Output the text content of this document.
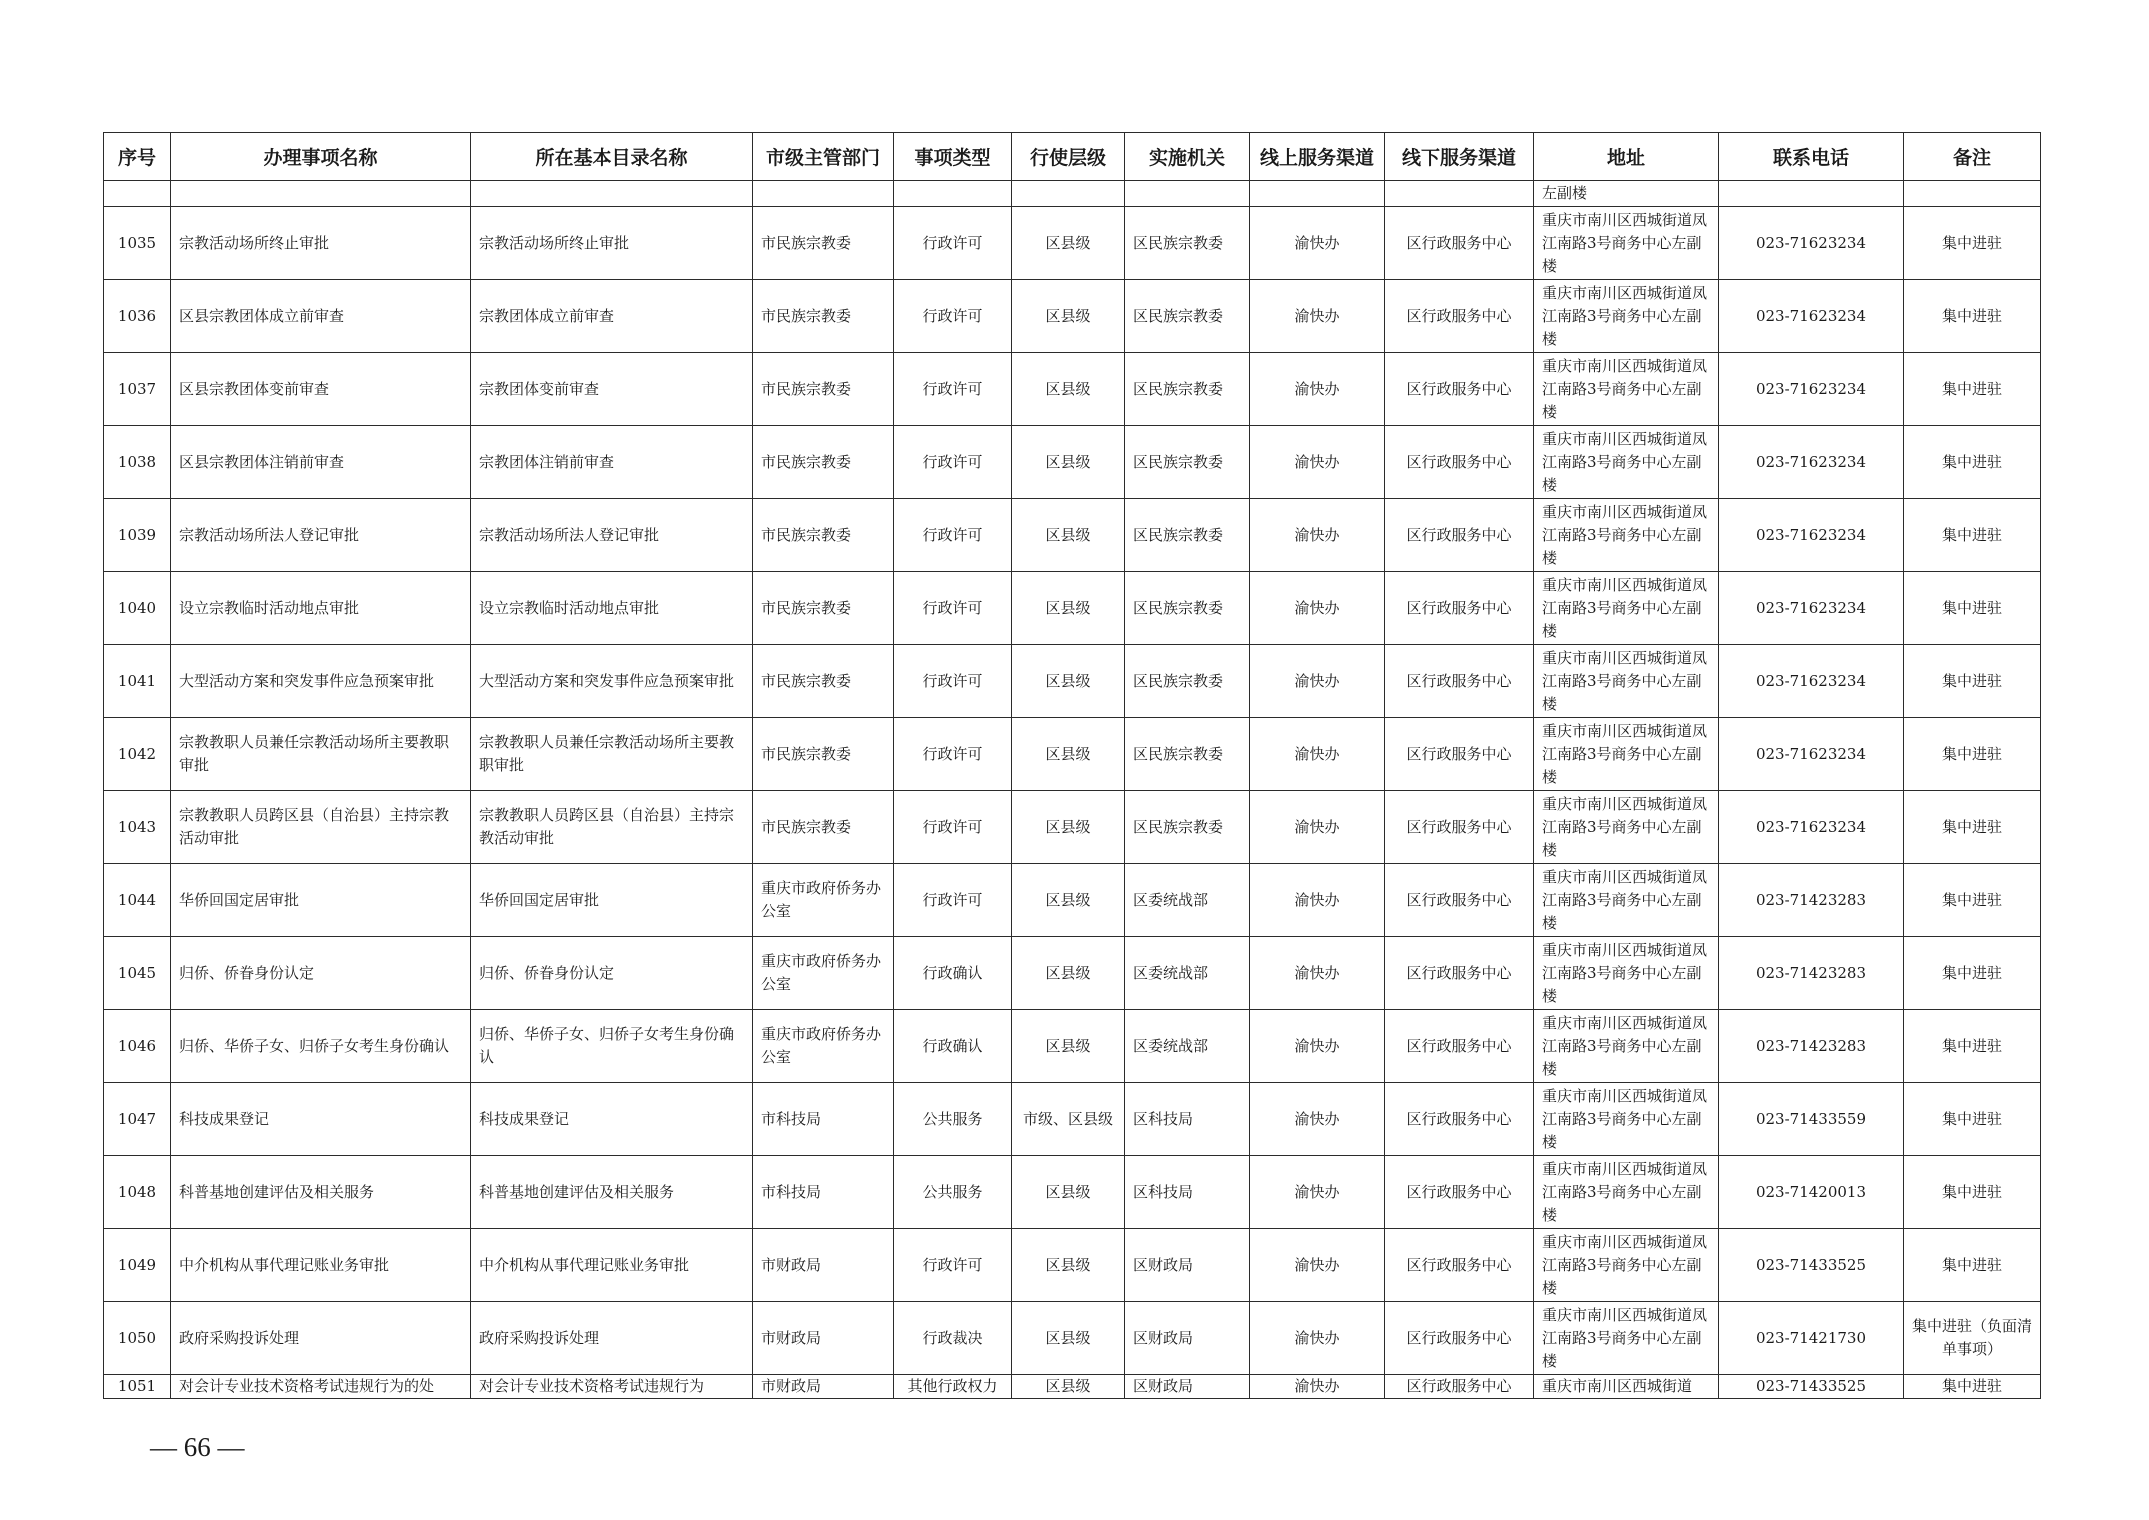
序号	办理事项名称	所在基本目录名称	市级主管部门	事项类型	行使层级	实施机关	线上服务渠道	线下服务渠道	地址	联系电话	备注
									左副楼		
1035	宗教活动场所终止审批	宗教活动场所终止审批	市民族宗教委	行政许可	区县级	区民族宗教委	渝快办	区行政服务中心	重庆市南川区西城街道凤江南路3号商务中心左副楼	023-71623234	集中进驻
1036	区县宗教团体成立前审查	宗教团体成立前审查	市民族宗教委	行政许可	区县级	区民族宗教委	渝快办	区行政服务中心	重庆市南川区西城街道凤江南路3号商务中心左副楼	023-71623234	集中进驻
1037	区县宗教团体变前审查	宗教团体变前审查	市民族宗教委	行政许可	区县级	区民族宗教委	渝快办	区行政服务中心	重庆市南川区西城街道凤江南路3号商务中心左副楼	023-71623234	集中进驻
1038	区县宗教团体注销前审查	宗教团体注销前审查	市民族宗教委	行政许可	区县级	区民族宗教委	渝快办	区行政服务中心	重庆市南川区西城街道凤江南路3号商务中心左副楼	023-71623234	集中进驻
1039	宗教活动场所法人登记审批	宗教活动场所法人登记审批	市民族宗教委	行政许可	区县级	区民族宗教委	渝快办	区行政服务中心	重庆市南川区西城街道凤江南路3号商务中心左副楼	023-71623234	集中进驻
1040	设立宗教临时活动地点审批	设立宗教临时活动地点审批	市民族宗教委	行政许可	区县级	区民族宗教委	渝快办	区行政服务中心	重庆市南川区西城街道凤江南路3号商务中心左副楼	023-71623234	集中进驻
1041	大型活动方案和突发事件应急预案审批	大型活动方案和突发事件应急预案审批	市民族宗教委	行政许可	区县级	区民族宗教委	渝快办	区行政服务中心	重庆市南川区西城街道凤江南路3号商务中心左副楼	023-71623234	集中进驻
1042	宗教教职人员兼任宗教活动场所主要教职审批	宗教教职人员兼任宗教活动场所主要教职审批	市民族宗教委	行政许可	区县级	区民族宗教委	渝快办	区行政服务中心	重庆市南川区西城街道凤江南路3号商务中心左副楼	023-71623234	集中进驻
1043	宗教教职人员跨区县（自治县）主持宗教活动审批	宗教教职人员跨区县（自治县）主持宗教活动审批	市民族宗教委	行政许可	区县级	区民族宗教委	渝快办	区行政服务中心	重庆市南川区西城街道凤江南路3号商务中心左副楼	023-71623234	集中进驻
1044	华侨回国定居审批	华侨回国定居审批	重庆市政府侨务办公室	行政许可	区县级	区委统战部	渝快办	区行政服务中心	重庆市南川区西城街道凤江南路3号商务中心左副楼	023-71423283	集中进驻
1045	归侨、侨眷身份认定	归侨、侨眷身份认定	重庆市政府侨务办公室	行政确认	区县级	区委统战部	渝快办	区行政服务中心	重庆市南川区西城街道凤江南路3号商务中心左副楼	023-71423283	集中进驻
1046	归侨、华侨子女、归侨子女考生身份确认	归侨、华侨子女、归侨子女考生身份确认	重庆市政府侨务办公室	行政确认	区县级	区委统战部	渝快办	区行政服务中心	重庆市南川区西城街道凤江南路3号商务中心左副楼	023-71423283	集中进驻
1047	科技成果登记	科技成果登记	市科技局	公共服务	市级、区县级	区科技局	渝快办	区行政服务中心	重庆市南川区西城街道凤江南路3号商务中心左副楼	023-71433559	集中进驻
1048	科普基地创建评估及相关服务	科普基地创建评估及相关服务	市科技局	公共服务	区县级	区科技局	渝快办	区行政服务中心	重庆市南川区西城街道凤江南路3号商务中心左副楼	023-71420013	集中进驻
1049	中介机构从事代理记账业务审批	中介机构从事代理记账业务审批	市财政局	行政许可	区县级	区财政局	渝快办	区行政服务中心	重庆市南川区西城街道凤江南路3号商务中心左副楼	023-71433525	集中进驻
1050	政府采购投诉处理	政府采购投诉处理	市财政局	行政裁决	区县级	区财政局	渝快办	区行政服务中心	重庆市南川区西城街道凤江南路3号商务中心左副楼	023-71421730	集中进驻（负面清单事项）
1051	对会计专业技术资格考试违规行为的处	对会计专业技术资格考试违规行为	市财政局	其他行政权力	区县级	区财政局	渝快办	区行政服务中心	重庆市南川区西城街道	023-71433525	集中进驻
— 66 —
